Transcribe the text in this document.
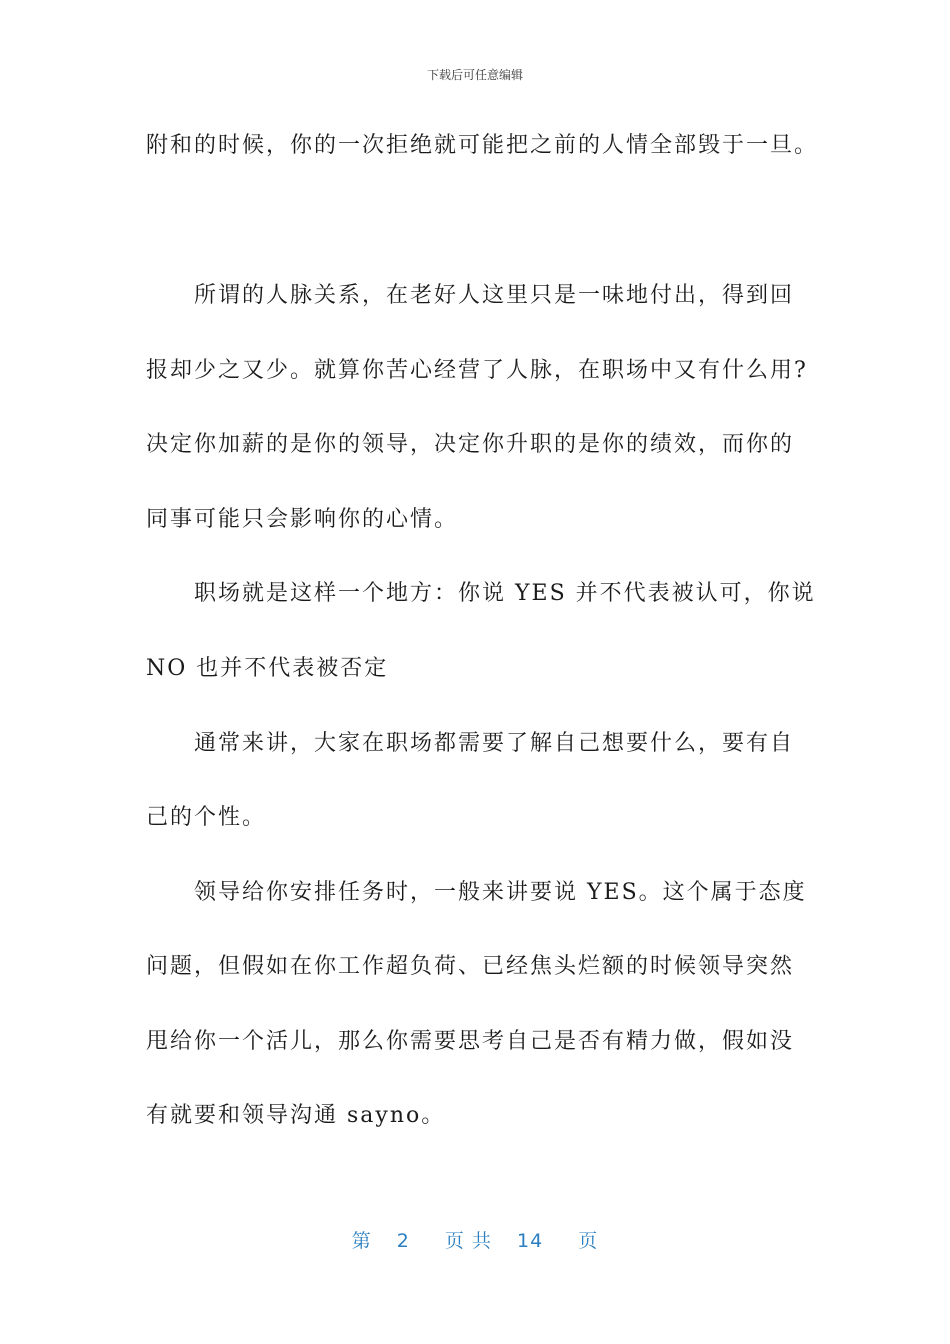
下载后可任意编辑
附和的时候，你的一次拒绝就可能把之前的人情全部毁于一旦。
所谓的人脉关系，在老好人这里只是一味地付出，得到回
报却少之又少。就算你苦心经营了人脉，在职场中又有什么用?
决定你加薪的是你的领导，决定你升职的是你的绩效，而你的
同事可能只会影响你的心情。
职场就是这样一个地方：你说 YES 并不代表被认可，你说
NO 也并不代表被否定
通常来讲，大家在职场都需要了解自己想要什么，要有自
己的个性。
领导给你安排任务时，一般来讲要说 YES。这个属于态度
问题，但假如在你工作超负荷、已经焦头烂额的时候领导突然
甩给你一个活儿，那么你需要思考自己是否有精力做，假如没
有就要和领导沟通 sayno。
第 2 页 共 14 页
